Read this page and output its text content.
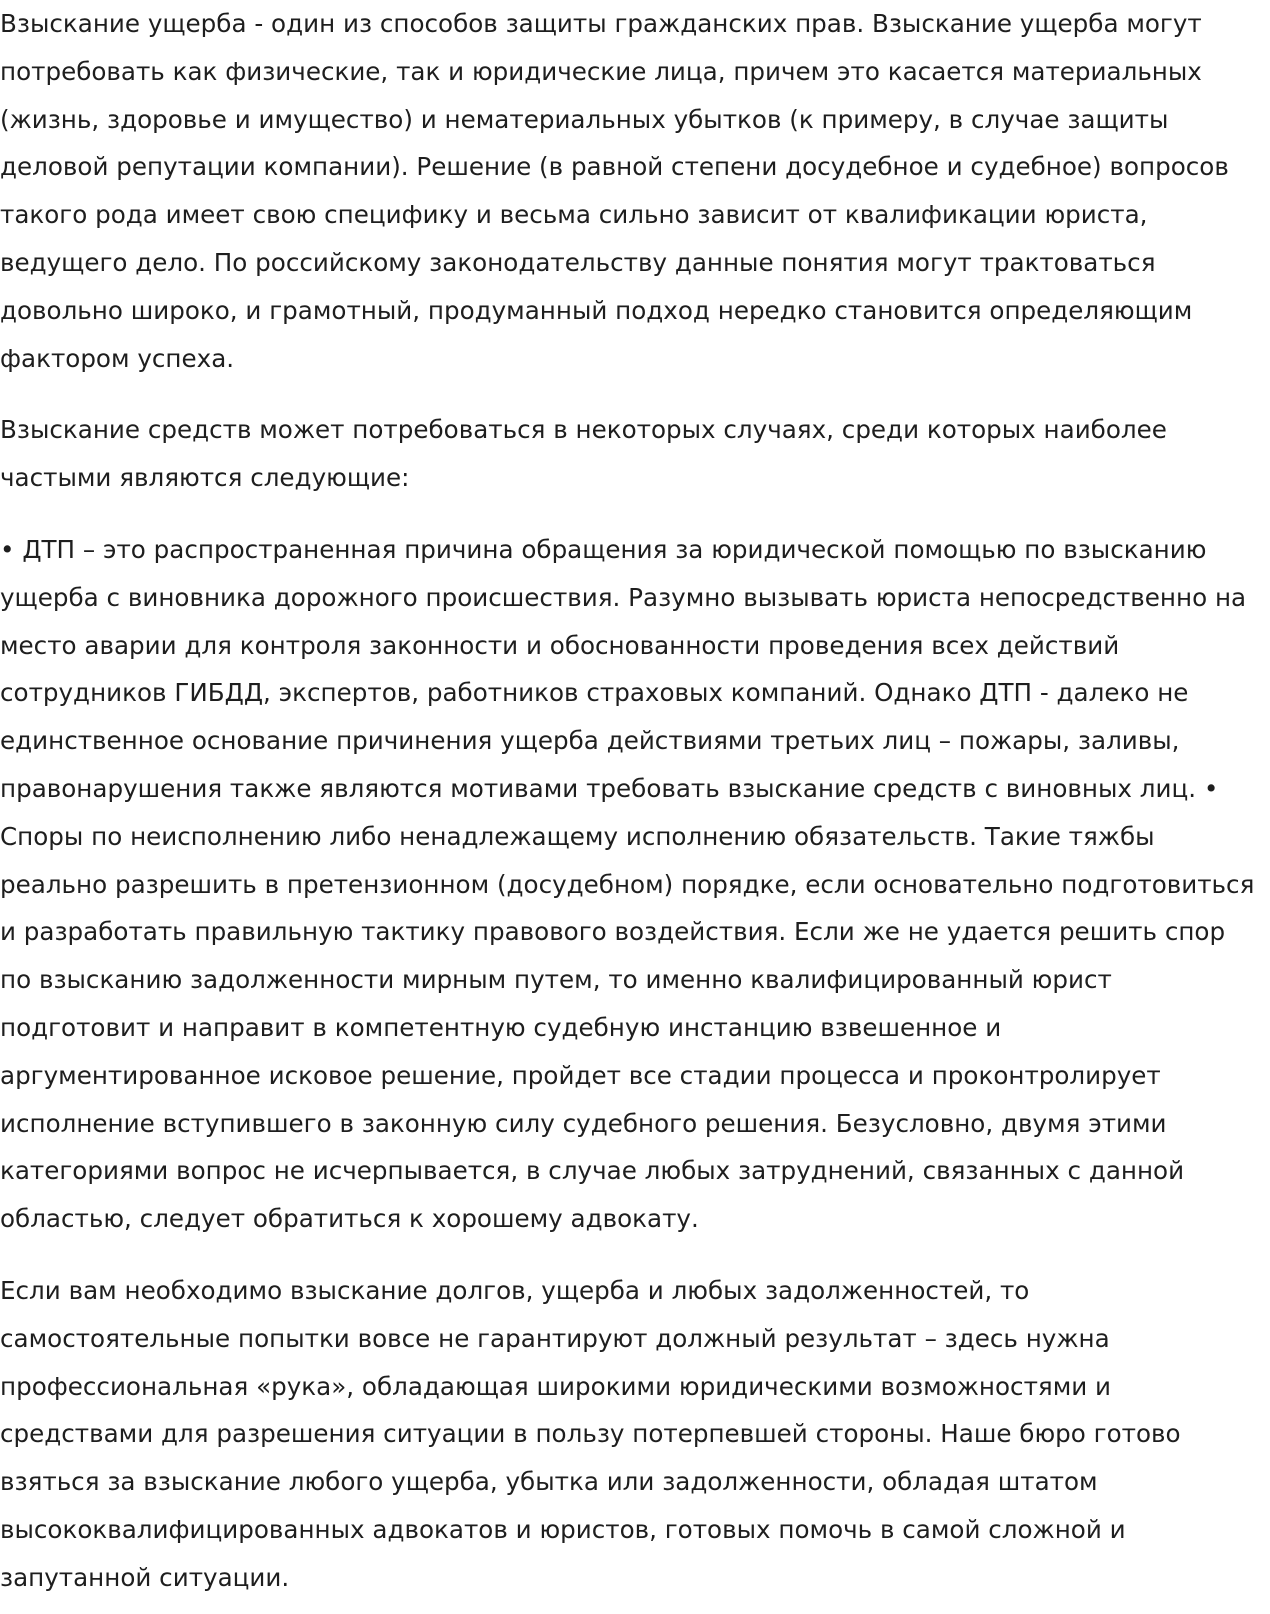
Взыскание ущерба - один из способов защиты гражданских прав. Взыскание ущерба могут потребовать как физические, так и юридические лица, причем это касается материальных (жизнь, здоровье и имущество) и нематериальных убытков (к примеру, в случае защиты деловой репутации компании). Решение (в равной степени досудебное и судебное) вопросов такого рода имеет свою специфику и весьма сильно зависит от квалификации юриста, ведущего дело. По российскому законодательству данные понятия могут трактоваться довольно широко, и грамотный, продуманный подход нередко становится определяющим фактором успеха.

Взыскание средств может потребоваться в некоторых случаях, среди которых наиболее частыми являются следующие:

• ДТП – это распространенная причина обращения за юридической помощью по взысканию ущерба с виновника дорожного происшествия. Разумно вызывать юриста непосредственно на место аварии для контроля законности и обоснованности проведения всех действий сотрудников ГИБДД, экспертов, работников страховых компаний. Однако ДТП - далеко не единственное основание причинения ущерба действиями третьих лиц – пожары, заливы, правонарушения также являются мотивами требовать взыскание средств с виновных лиц. • Споры по неисполнению либо ненадлежащему исполнению обязательств. Такие тяжбы реально разрешить в претензионном (досудебном) порядке, если основательно подготовиться и разработать правильную тактику правового воздействия. Если же не удается решить спор по взысканию задолженности мирным путем, то именно квалифицированный юрист подготовит и направит в компетентную судебную инстанцию взвешенное и аргументированное исковое решение, пройдет все стадии процесса и проконтролирует исполнение вступившего в законную силу судебного решения. Безусловно, двумя этими категориями вопрос не исчерпывается, в случае любых затруднений, связанных с данной областью, следует обратиться к хорошему адвокату.

Если вам необходимо взыскание долгов, ущерба и любых задолженностей, то самостоятельные попытки вовсе не гарантируют должный результат – здесь нужна профессиональная «рука», обладающая широкими юридическими возможностями и средствами для разрешения ситуации в пользу потерпевшей стороны. Наше бюро готово взяться за взыскание любого ущерба, убытка или задолженности, обладая штатом высококвалифицированных адвокатов и юристов, готовых помочь в самой сложной и запутанной ситуации.
